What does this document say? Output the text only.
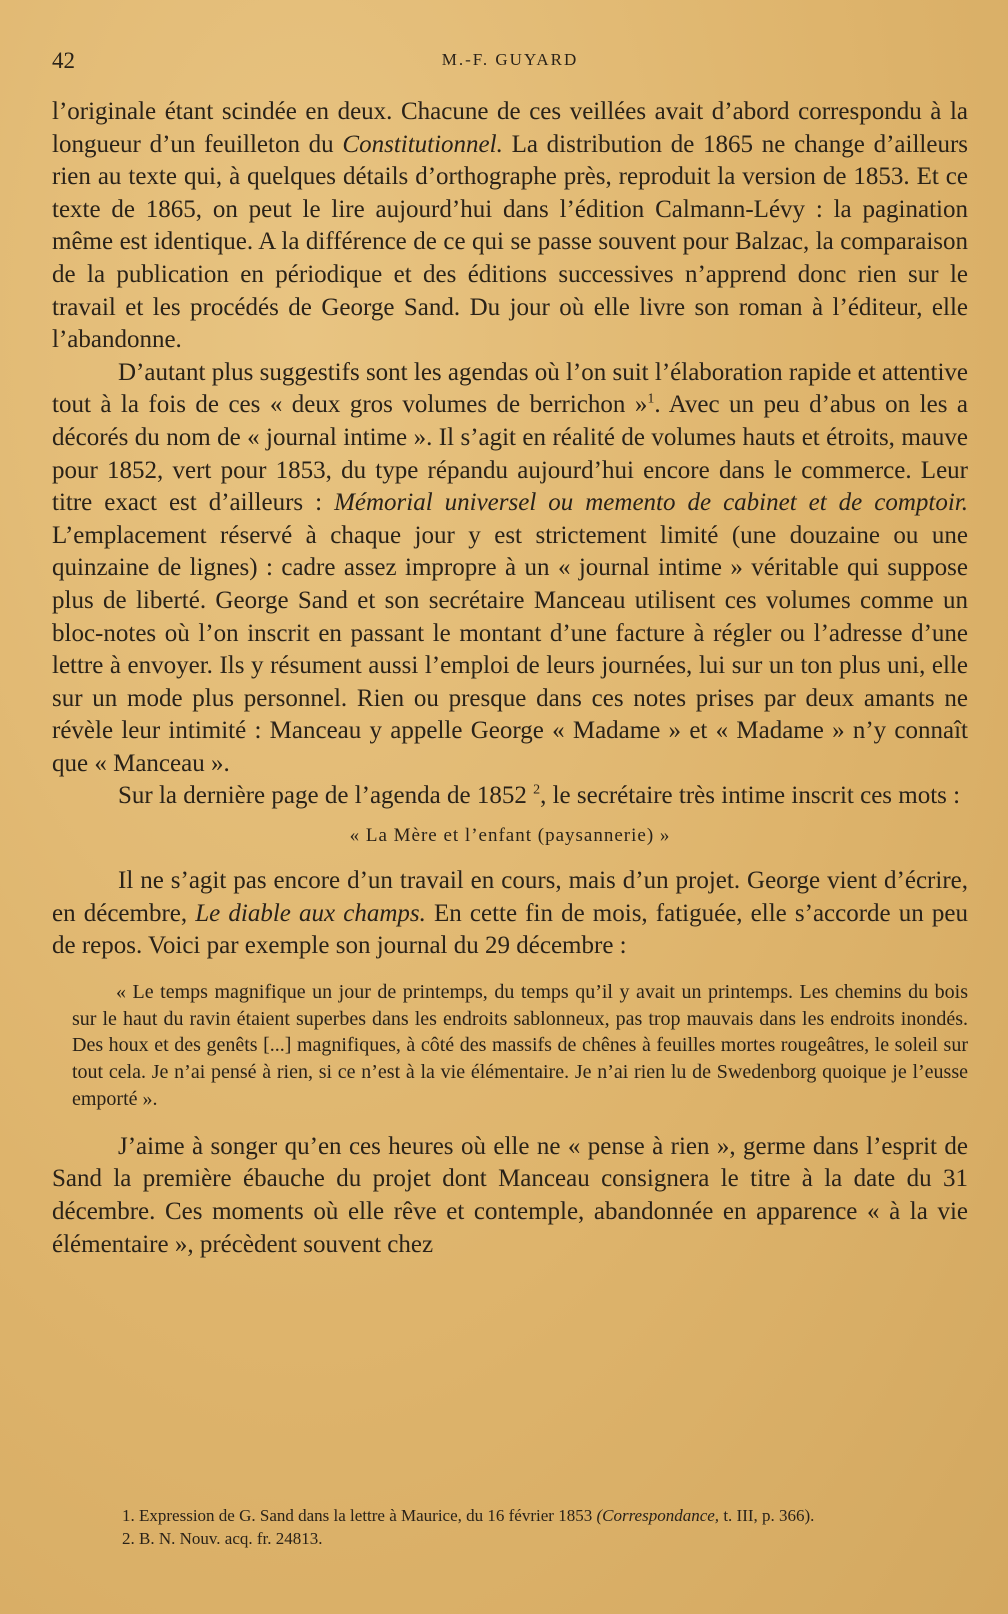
42	M.-F. GUYARD

l’originale étant scindée en deux. Chacune de ces veillées avait d’abord correspondu à la longueur d’un feuilleton du Constitutionnel. La distribution de 1865 ne change d’ailleurs rien au texte qui, à quelques détails d’orthographe près, reproduit la version de 1853. Et ce texte de 1865, on peut le lire aujourd’hui dans l’édition Calmann-Lévy : la pagination même est identique. A la différence de ce qui se passe souvent pour Balzac, la comparaison de la publication en périodique et des éditions successives n’apprend donc rien sur le travail et les procédés de George Sand. Du jour où elle livre son roman à l’éditeur, elle l’abandonne.

D’autant plus suggestifs sont les agendas où l’on suit l’élaboration rapide et attentive tout à la fois de ces « deux gros volumes de berrichon »$^1$. Avec un peu d’abus on les a décorés du nom de « journal intime ». Il s’agit en réalité de volumes hauts et étroits, mauve pour 1852, vert pour 1853, du type répandu aujourd’hui encore dans le commerce. Leur titre exact est d’ailleurs : Mémorial universel ou memento de cabinet et de comptoir. L’emplacement réservé à chaque jour y est strictement limité (une douzaine ou une quinzaine de lignes) : cadre assez impropre à un « journal intime » véritable qui suppose plus de liberté. George Sand et son secrétaire Manceau utilisent ces volumes comme un bloc-notes où l’on inscrit en passant le montant d’une facture à régler ou l’adresse d’une lettre à envoyer. Ils y résument aussi l’emploi de leurs journées, lui sur un ton plus uni, elle sur un mode plus personnel. Rien ou presque dans ces notes prises par deux amants ne révèle leur intimité : Manceau y appelle George « Madame » et « Madame » n’y connaît que « Manceau ».

Sur la dernière page de l’agenda de 1852 $^2$, le secrétaire très intime inscrit ces mots :

« La Mère et l’enfant (paysannerie) »

Il ne s’agit pas encore d’un travail en cours, mais d’un projet. George vient d’écrire, en décembre, Le diable aux champs. En cette fin de mois, fatiguée, elle s’accorde un peu de repos. Voici par exemple son journal du 29 décembre :

« Le temps magnifique un jour de printemps, du temps qu’il y avait un printemps. Les chemins du bois sur le haut du ravin étaient superbes dans les endroits sablonneux, pas trop mauvais dans les endroits inondés. Des houx et des genêts [...] magnifiques, à côté des massifs de chênes à feuilles mortes rougeâtres, le soleil sur tout cela. Je n’ai pensé à rien, si ce n’est à la vie élémentaire. Je n’ai rien lu de Swedenborg quoique je l’eusse emporté ».

J’aime à songer qu’en ces heures où elle ne « pense à rien », germe dans l’esprit de Sand la première ébauche du projet dont Manceau consignera le titre à la date du 31 décembre. Ces moments où elle rêve et contemple, abandonnée en apparence « à la vie élémentaire », précèdent souvent chez

1. Expression de G. Sand dans la lettre à Maurice, du 16 février 1853 (Correspondance, t. III, p. 366).

2. B. N. Nouv. acq. fr. 24813.
